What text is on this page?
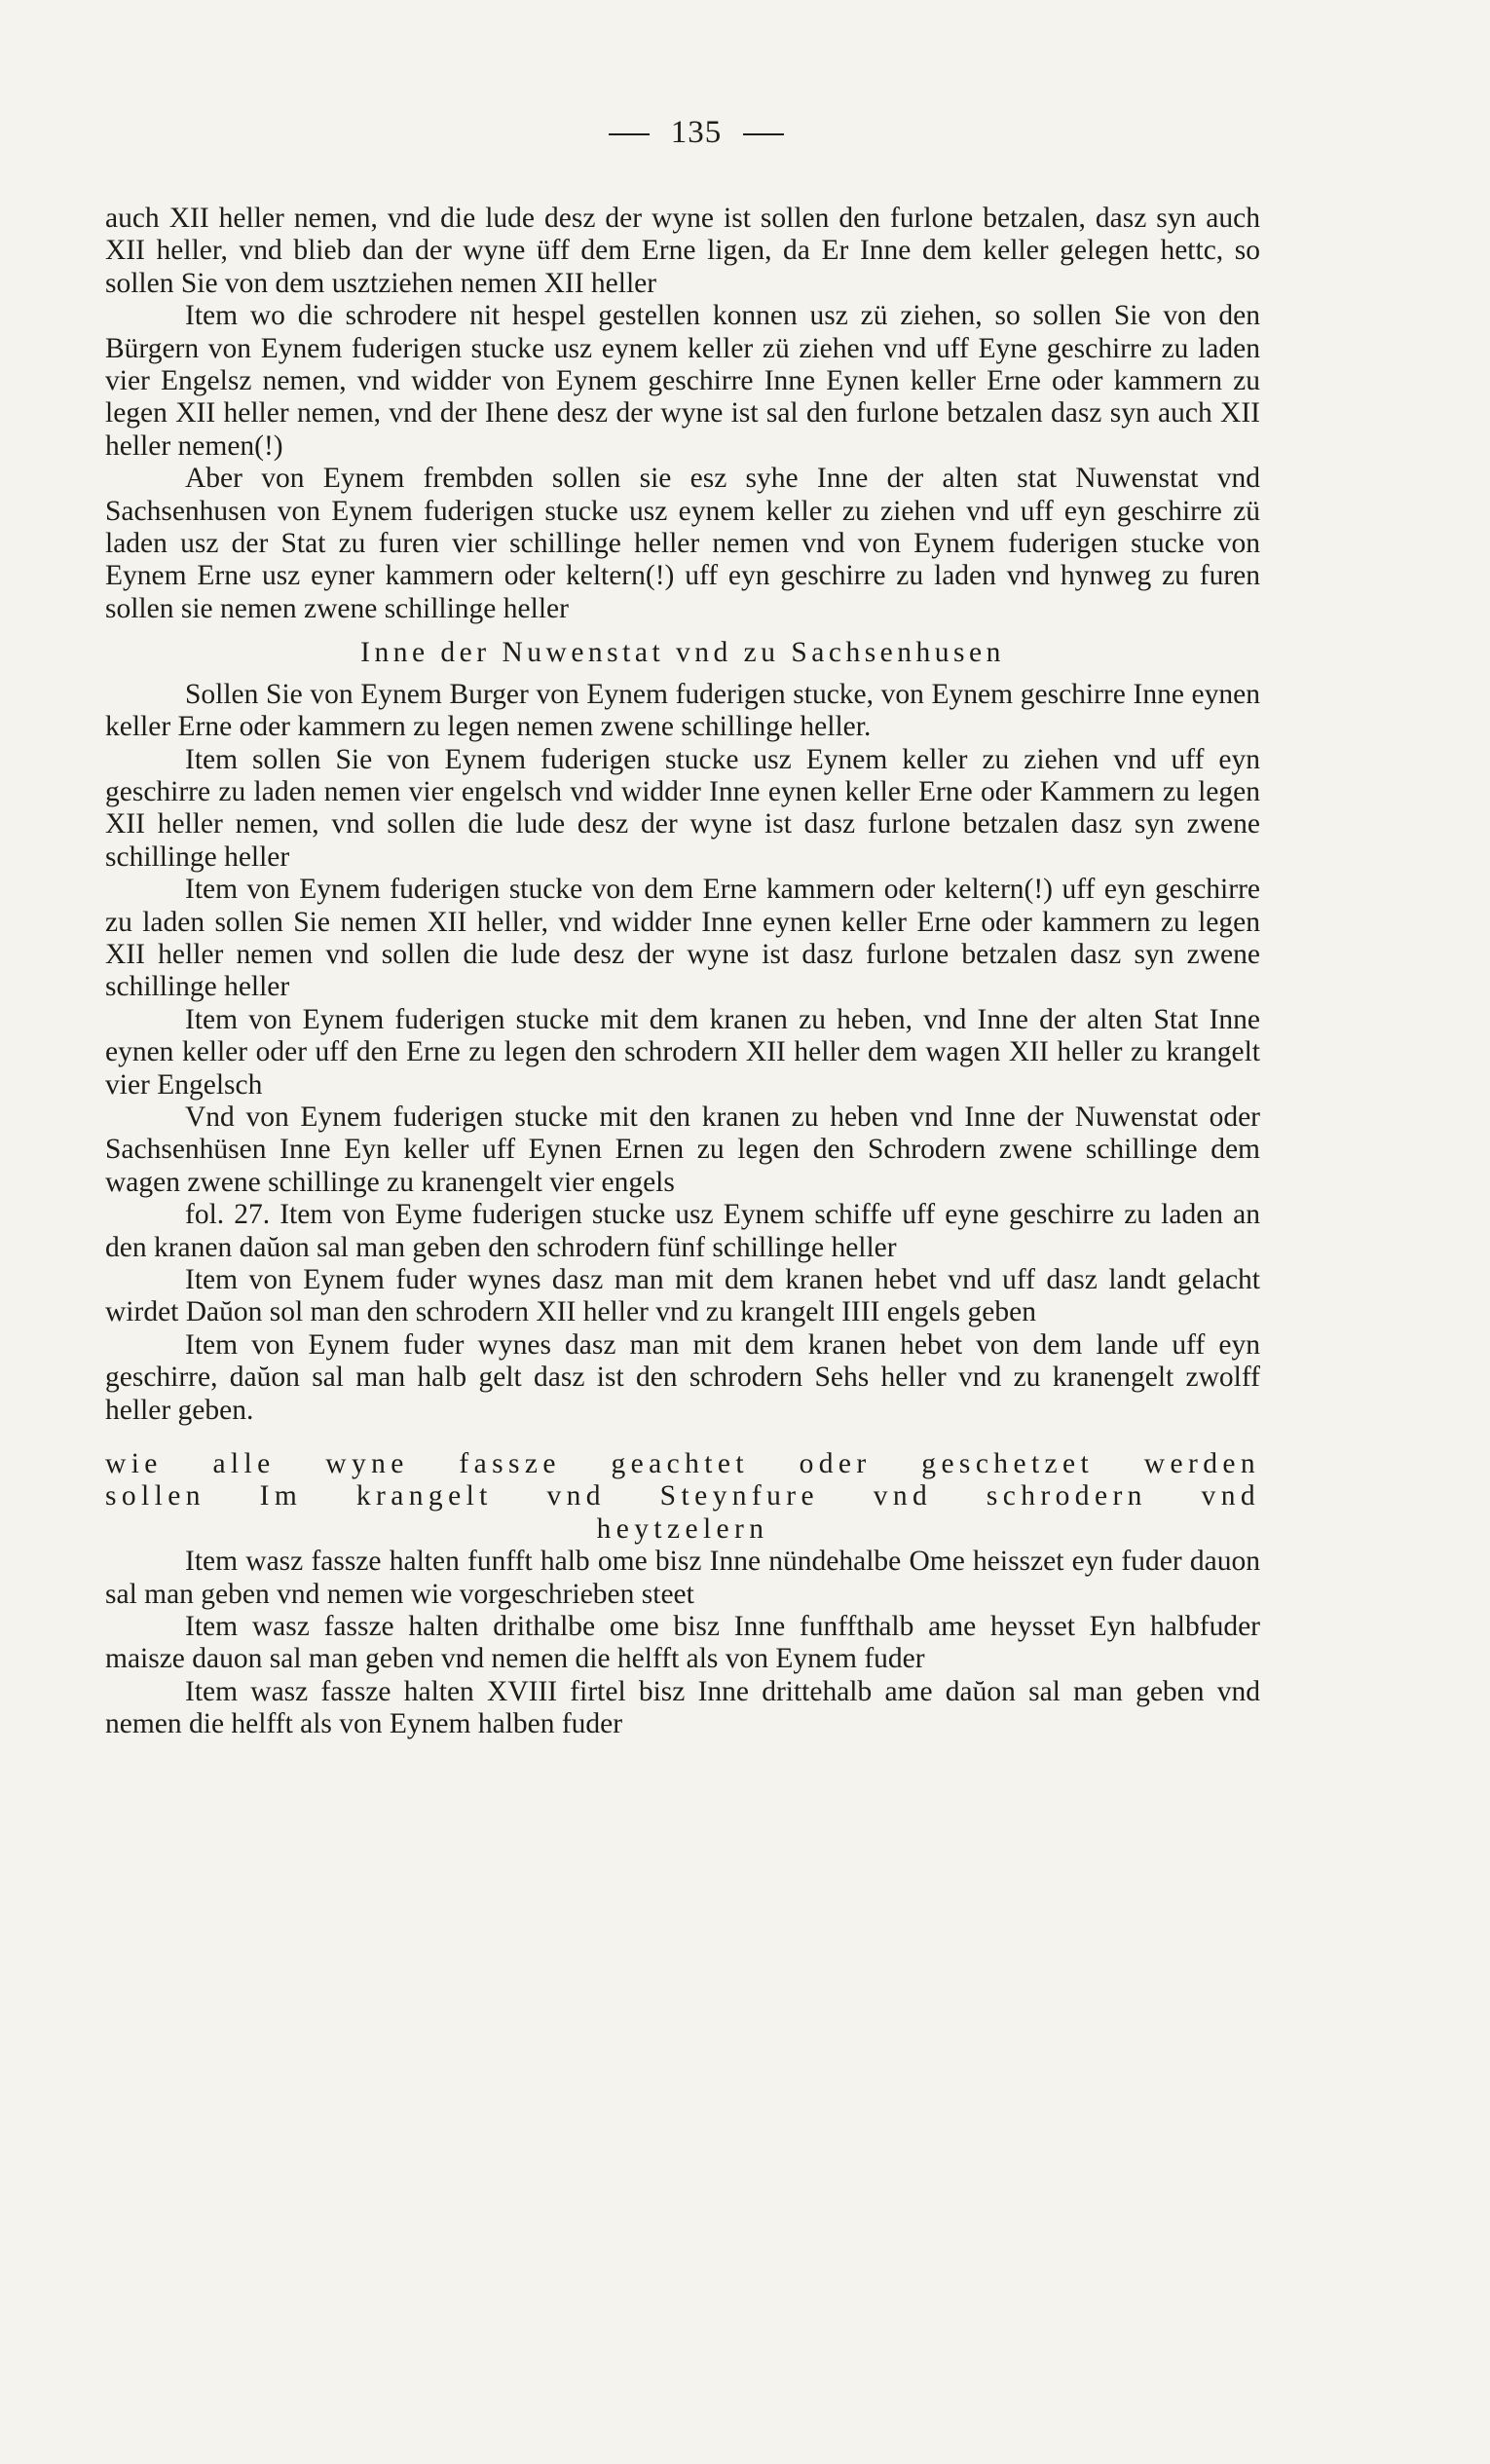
135

auch XII heller nemen, vnd die lude desz der wyne ist sollen den furlone betzalen, dasz syn auch XII heller, vnd blieb dan der wyne üff dem Erne ligen, da Er Inne dem keller gelegen hettc, so sollen Sie von dem usztziehen nemen XII heller

Item wo die schrodere nit hespel gestellen konnen usz zü ziehen, so sollen Sie von den Bürgern von Eynem fuderigen stucke usz eynem keller zü ziehen vnd uff Eyne geschirre zu laden vier Engelsz nemen, vnd widder von Eynem geschirre Inne Eynen keller Erne oder kammern zu legen XII heller nemen, vnd der Ihene desz der wyne ist sal den furlone betzalen dasz syn auch XII heller nemen(!)

Aber von Eynem frembden sollen sie esz syhe Inne der alten stat Nuwenstat vnd Sachsenhusen von Eynem fuderigen stucke usz eynem keller zu ziehen vnd uff eyn geschirre zü laden usz der Stat zu furen vier schillinge heller nemen vnd von Eynem fuderigen stucke von Eynem Erne usz eyner kammern oder keltern(!) uff eyn geschirre zu laden vnd hynweg zu furen sollen sie nemen zwene schillinge heller

Inne der Nuwenstat vnd zu Sachsenhusen

Sollen Sie von Eynem Burger von Eynem fuderigen stucke, von Eynem geschirre Inne eynen keller Erne oder kammern zu legen nemen zwene schillinge heller.

Item sollen Sie von Eynem fuderigen stucke usz Eynem keller zu ziehen vnd uff eyn geschirre zu laden nemen vier engelsch vnd widder Inne eynen keller Erne oder Kammern zu legen XII heller nemen, vnd sollen die lude desz der wyne ist dasz furlone betzalen dasz syn zwene schillinge heller

Item von Eynem fuderigen stucke von dem Erne kammern oder keltern(!) uff eyn geschirre zu laden sollen Sie nemen XII heller, vnd widder Inne eynen keller Erne oder kammern zu legen XII heller nemen vnd sollen die lude desz der wyne ist dasz furlone betzalen dasz syn zwene schillinge heller

Item von Eynem fuderigen stucke mit dem kranen zu heben, vnd Inne der alten Stat Inne eynen keller oder uff den Erne zu legen den schrodern XII heller dem wagen XII heller zu krangelt vier Engelsch

Vnd von Eynem fuderigen stucke mit den kranen zu heben vnd Inne der Nuwenstat oder Sachsenhüsen Inne Eyn keller uff Eynen Ernen zu legen den Schrodern zwene schillinge dem wagen zwene schillinge zu kranengelt vier engels

fol. 27. Item von Eyme fuderigen stucke usz Eynem schiffe uff eyne geschirre zu laden an den kranen daŭon sal man geben den schrodern fünf schillinge heller

Item von Eynem fuder wynes dasz man mit dem kranen hebet vnd uff dasz landt gelacht wirdet Daŭon sol man den schrodern XII heller vnd zu krangelt IIII engels geben

Item von Eynem fuder wynes dasz man mit dem kranen hebet von dem lande uff eyn geschirre, daŭon sal man halb gelt dasz ist den schrodern Sehs heller vnd zu kranengelt zwolff heller geben.

wie alle wyne fassze geachtet oder geschetzet werden
sollen Im krangelt vnd Steynfure vnd schrodern vnd
heytzelern

Item wasz fassze halten funfft halb ome bisz Inne nündehalbe Ome heisszet eyn fuder dauon sal man geben vnd nemen wie vorgeschrieben steet

Item wasz fassze halten drithalbe ome bisz Inne funffthalb ame heysset Eyn halbfuder maisze dauon sal man geben vnd nemen die helfft als von Eynem fuder

Item wasz fassze halten XVIII firtel bisz Inne drittehalb ame daŭon sal man geben vnd nemen die helfft als von Eynem halben fuder
